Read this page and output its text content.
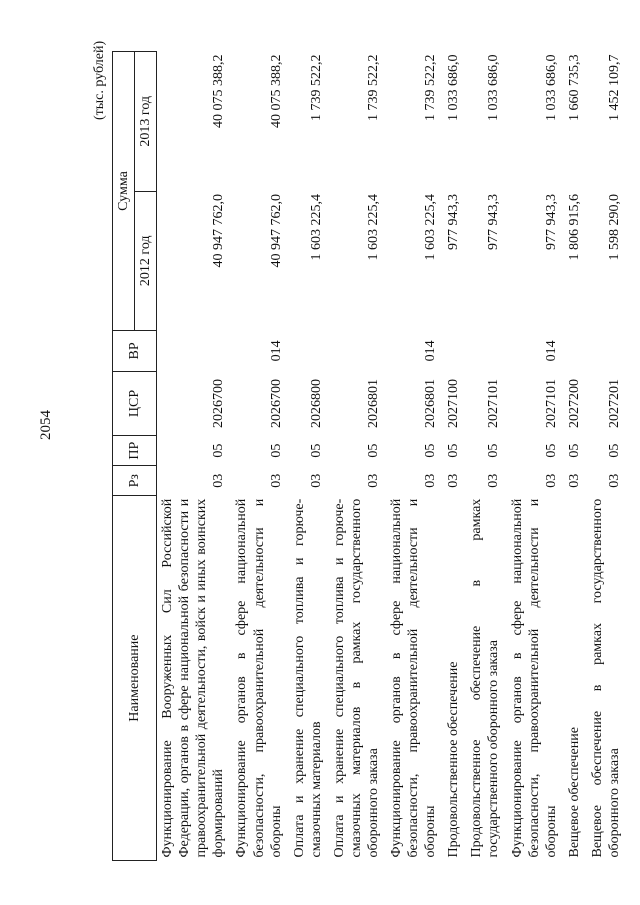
2054
(тыс. рублей)
Наименование	Рз	ПР	ЦСР	ВР	Сумма	
					2012 год	2013 год
Функционирование Вооруженных Сил Российской Федерации, органов в сфере национальной безопасности и правоохранительной деятельности, войск и иных воинских формирований	03	05	2026700		40 947 762,0	40 075 388,2
Функционирование органов в сфере национальной безопасности, правоохранительной деятельности и обороны	03	05	2026700	014	40 947 762,0	40 075 388,2
Оплата и хранение специального топлива и горюче-смазочных материалов	03	05	2026800		1 603 225,4	1 739 522,2
Оплата и хранение специального топлива и горюче-смазочных материалов в рамках государственного оборонного заказа	03	05	2026801		1 603 225,4	1 739 522,2
Функционирование органов в сфере национальной безопасности, правоохранительной деятельности и обороны	03	05	2026801	014	1 603 225,4	1 739 522,2
Продовольственное обеспечение	03	05	2027100		977 943,3	1 033 686,0
Продовольственное обеспечение в рамках государственного оборонного заказа	03	05	2027101		977 943,3	1 033 686,0
Функционирование органов в сфере национальной безопасности, правоохранительной деятельности и обороны	03	05	2027101	014	977 943,3	1 033 686,0
Вещевое обеспечение	03	05	2027200		1 806 915,6	1 660 735,3
Вещевое обеспечение в рамках государственного оборонного заказа	03	05	2027201		1 598 290,0	1 452 109,7
